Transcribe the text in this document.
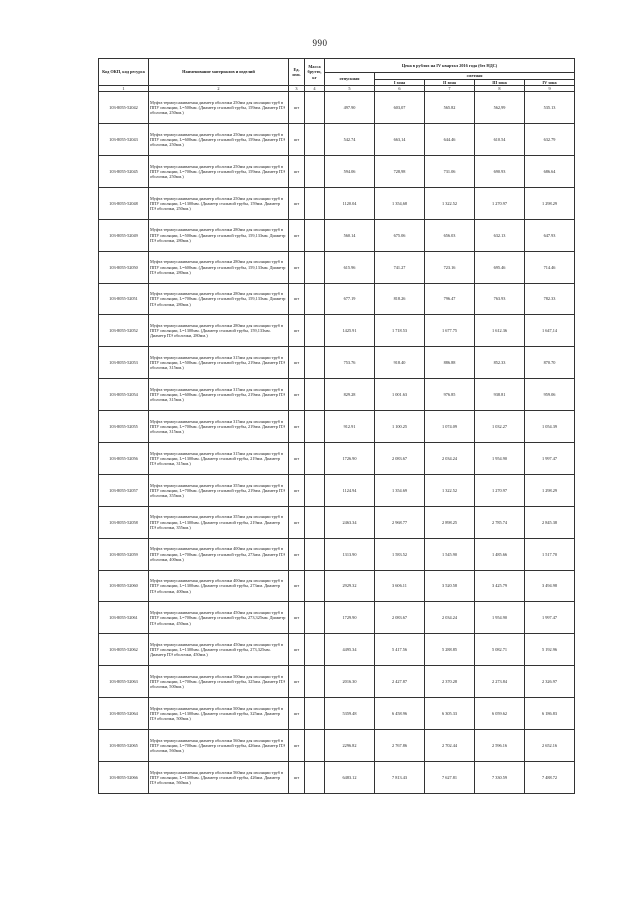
990
Код ОКП, код ресурса	Наименование материалов и изделий	Ед. изм.	Масса брутто, кг	Цена в рублях на IV квартал 2016 года (без НДС)				
				отпускная	сметная			
					I зона	II зона	III зона	IV зона
1	2	3	4	5	6	7	8	9
103-8055-52042	Муфта термоусаживаемая диаметр оболочки 250мм для изоляции труб в ППУ изоляции, L=500мм. (Диаметр стальной трубы, 159мм. Диаметр ПЭ оболочки, 250мм.)	шт		497.90	603,07	565.82	562,99	535.13
103-8055-52043	Муфта термоусаживаемая диаметр оболочки 250мм для изоляции труб в ППУ изоляции, L=600мм. (Диаметр стальной трубы, 159мм. Диаметр ПЭ оболочки, 250мм.)	шт		542.74	663,14	644.46	610.54	632.79
103-8055-52045	Муфта термоусаживаемая диаметр оболочки 250мм для изоляции труб в ППУ изоляции, L=700мм. (Диаметр стальной трубы, 159мм. Диаметр ПЭ оболочки, 250мм.)	шт		594.06	728,98	731.06	690.93	686.64
103-8055-52048	Муфта термоусаживаемая диаметр оболочки 250мм для изоляции труб в ППУ изоляции, L=1300мм. (Диаметр стальной трубы, 159мм. Диаметр ПЭ оболочки, 250мм.)	шт		1120.04	1 354,68	1 322.52	1 270.97	1 298.29
103-8055-52049	Муфта термоусаживаемая диаметр оболочки 280мм для изоляции труб в ППУ изоляции, L=500мм. (Диаметр стальной трубы, 159,133мм. Диаметр ПЭ оболочки, 280мм.)	шт		560.14	675.06	656.03	632.13	647.93
103-8055-52050	Муфта термоусаживаемая диаметр оболочки 280мм для изоляции труб в ППУ изоляции, L=600мм. (Диаметр стальной трубы, 159,133мм. Диаметр ПЭ оболочки, 280мм.)	шт		615.96	741.27	723.16	695.46	714.46
103-8055-52051	Муфта термоусаживаемая диаметр оболочки 280мм для изоляции труб в ППУ изоляции, L=700мм. (Диаметр стальной трубы, 159,133мм. Диаметр ПЭ оболочки, 280мм.)	шт		677.19	818.26	796.47	763.93	782.33
103-8055-52052	Муфта термоусаживаемая диаметр оболочки 280мм для изоляции труб в ППУ изоляции, L=1300мм. (Диаметр стальной трубы, 159,133мм. Диаметр ПЭ оболочки, 280мм.)	шт		1425.91	1 718.53	1 677.75	1 612.36	1 647,14
103-8055-52053	Муфта термоусаживаемая диаметр оболочки 315мм для изоляции труб в ППУ изоляции, L=500мм. (Диаметр стальной трубы, 219мм. Диаметр ПЭ оболочки, 315мм.)	шт		753.76	918.40	886.88	852.33	870.70
103-8055-52054	Муфта термоусаживаемая диаметр оболочки 315мм для изоляции труб в ППУ изоляции, L=600мм. (Диаметр стальной трубы, 219мм. Диаметр ПЭ оболочки, 315мм.)	шт		829.28	1 001.63	976.85	938.81	959.06
103-8055-52055	Муфта термоусаживаемая диаметр оболочки 315мм для изоляции труб в ППУ изоляции, L=700мм. (Диаметр стальной трубы, 219мм. Диаметр ПЭ оболочки, 315мм.)	шт		912.91	1 100.25	1 074.09	1 032.27	1 054.39
103-8055-52056	Муфта термоусаживаемая диаметр оболочки 315мм для изоляции труб в ППУ изоляции, L=1300мм. (Диаметр стальной трубы, 219мм. Диаметр ПЭ оболочки, 315мм.)	шт		1726.90	2 083.67	2 034.24	1 954.90	1 997.47
103-8055-52057	Муфта термоусаживаемая диаметр оболочки 355мм для изоляции труб в ППУ изоляции, L=700мм. (Диаметр стальной трубы, 219мм. Диаметр ПЭ оболочки, 355мм.)	шт		1124.94	1 354.69	1 322.52	1 270.97	1 298.29
103-8055-52058	Муфта термоусаживаемая диаметр оболочки 355мм для изоляции труб в ППУ изоляции, L=1300мм. (Диаметр стальной трубы, 219мм. Диаметр ПЭ оболочки, 355мм.)	шт		2463.34	2 968.77	2 898.25	2 785.74	2 845.38
103-8055-52059	Муфта термоусаживаемая диаметр оболочки 400мм для изоляции труб в ППУ изоляции, L=700мм. (Диаметр стальной трубы, 273мм. Диаметр ПЭ оболочки, 400мм.)	шт		1313.90	1 583.52	1 545.90	1 485.66	1 517.70
103-8055-52060	Муфта термоусаживаемая диаметр оболочки 400мм для изоляции труб в ППУ изоляции, L=1300мм. (Диаметр стальной трубы, 273мм. Диаметр ПЭ оболочки, 400мм.)	шт		2929.32	3 606.11	3 520.58	3 425.79	3 494.98
103-8055-52061	Муфта термоусаживаемая диаметр оболочки 450мм для изоляции труб в ППУ изоляции, L=700мм. (Диаметр стальной трубы, 273,325мм. Диаметр ПЭ оболочки, 450мм.)	шт		1729.90	2 083.67	2 034.24	1 954.90	1 997.47
103-8055-52062	Муфта термоусаживаемая диаметр оболочки 450мм для изоляции труб в ППУ изоляции, L=1300мм. (Диаметр стальной трубы, 273,325мм. Диаметр ПЭ оболочки, 450мм.)	шт		4495.34	5 417.56	5 288.85	5 082.71	5 192.96
103-8055-52063	Муфта термоусаживаемая диаметр оболочки 500мм для изоляции труб в ППУ изоляции, L=700мм. (Диаметр стальной трубы, 325мм. Диаметр ПЭ оболочки, 500мм.)	шт		2016.30	2 427.87	2 370.28	2 273.84	2 326.97
103-8055-52064	Муфта термоусаживаемая диаметр оболочки 500мм для изоляции труб в ППУ изоляции, L=1300мм. (Диаметр стальной трубы, 325мм. Диаметр ПЭ оболочки, 500мм.)	шт		5359.48	6 458.96	6 305.33	6 059.62	6 186.83
103-8055-52065	Муфта термоусаживаемая диаметр оболочки 560мм для изоляции труб в ППУ изоляции, L=700мм. (Диаметр стальной трубы, 426мм. Диаметр ПЭ оболочки, 560мм.)	шт		2296.82	2 767.86	2 702.44	2 596.16	2 652.16
103-8055-52066	Муфта термоусаживаемая диаметр оболочки 560мм для изоляции труб в ППУ изоляции, L=1300мм. (Диаметр стальной трубы, 426мм. Диаметр ПЭ оболочки, 560мм.)	шт		6483.12	7 813.43	7 627.81	7 330.59	7 488.72
